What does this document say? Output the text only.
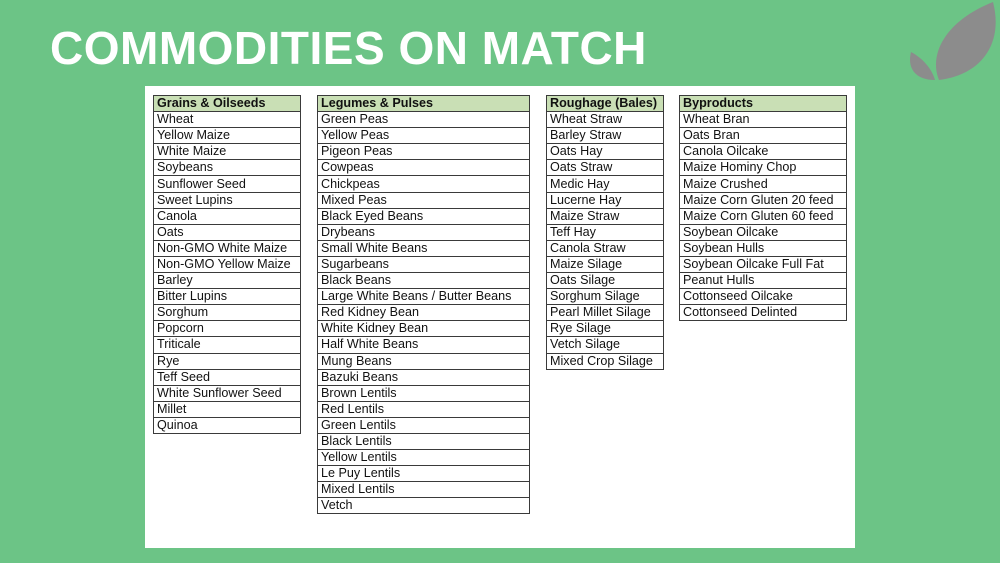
COMMODITIES ON MATCH
Grains & Oilseeds
Wheat
Yellow Maize
White Maize
Soybeans
Sunflower Seed
Sweet Lupins
Canola
Oats
Non-GMO White Maize
Non-GMO Yellow Maize
Barley
Bitter Lupins
Sorghum
Popcorn
Triticale
Rye
Teff Seed
White Sunflower Seed
Millet
Quinoa
Legumes & Pulses
Green Peas
Yellow Peas
Pigeon Peas
Cowpeas
Chickpeas
Mixed Peas
Black Eyed Beans
Drybeans
Small White Beans
Sugarbeans
Black Beans
Large White Beans / Butter Beans
Red Kidney Bean
White Kidney Bean
Half White Beans
Mung Beans
Bazuki Beans
Brown Lentils
Red Lentils
Green Lentils
Black Lentils
Yellow Lentils
Le Puy Lentils
Mixed Lentils
Vetch
Roughage (Bales)
Wheat Straw
Barley Straw
Oats Hay
Oats Straw
Medic Hay
Lucerne Hay
Maize Straw
Teff Hay
Canola Straw
Maize Silage
Oats Silage
Sorghum Silage
Pearl Millet Silage
Rye Silage
Vetch Silage
Mixed Crop Silage
Byproducts
Wheat Bran
Oats Bran
Canola Oilcake
Maize Hominy Chop
Maize Crushed
Maize Corn Gluten 20 feed
Maize Corn Gluten 60 feed
Soybean Oilcake
Soybean Hulls
Soybean Oilcake Full Fat
Peanut Hulls
Cottonseed Oilcake
Cottonseed Delinted
